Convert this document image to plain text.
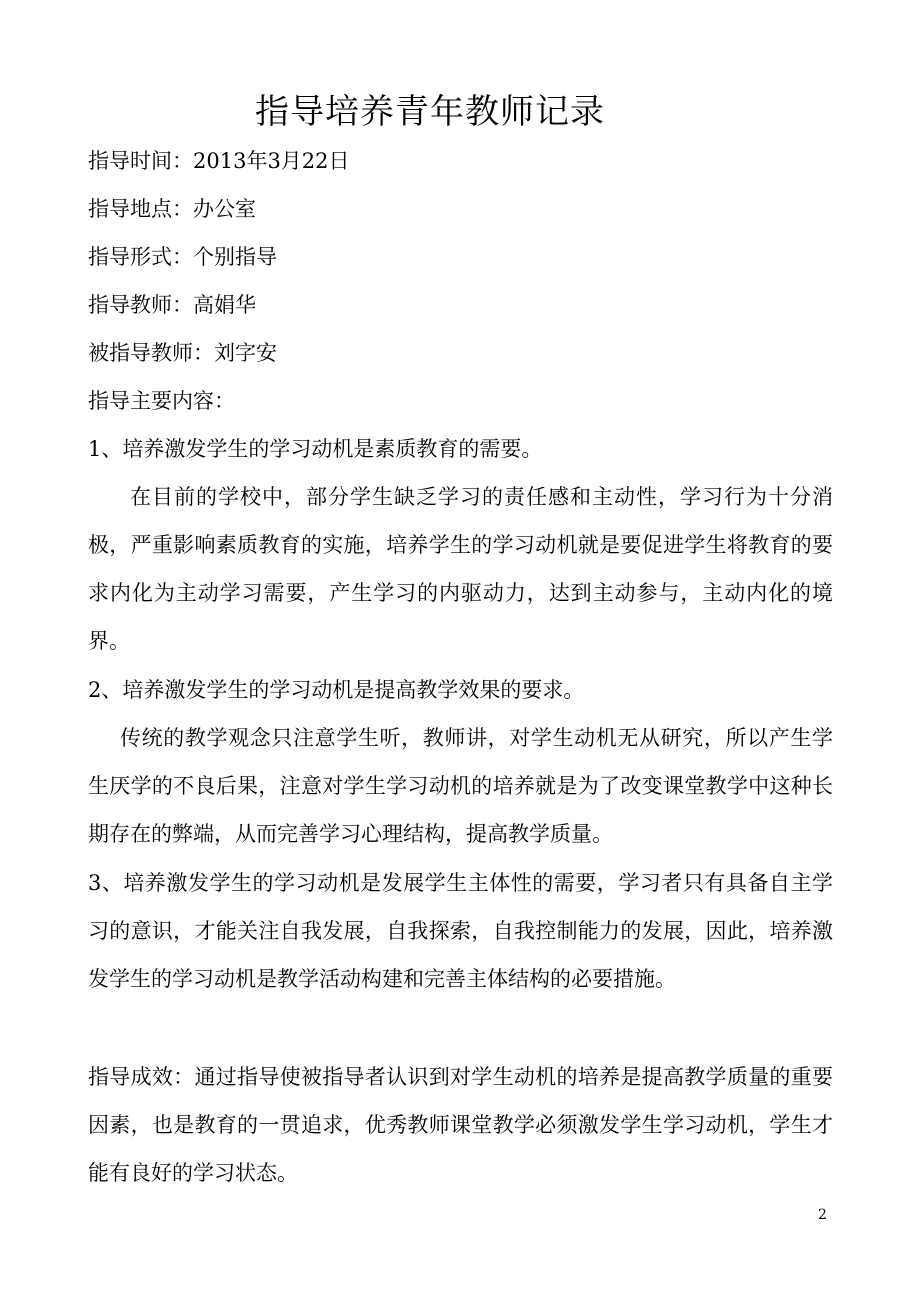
指导培养青年教师记录
指导时间：2013年3月22日
指导地点：办公室
指导形式：个别指导
指导教师：高娟华
被指导教师：刘字安
指导主要内容：
1、培养激发学生的学习动机是素质教育的需要。
在目前的学校中，部分学生缺乏学习的责任感和主动性，学习行为十分消极，严重影响素质教育的实施，培养学生的学习动机就是要促进学生将教育的要求内化为主动学习需要，产生学习的内驱动力，达到主动参与，主动内化的境界。
2、培养激发学生的学习动机是提高教学效果的要求。
传统的教学观念只注意学生听，教师讲，对学生动机无从研究，所以产生学生厌学的不良后果，注意对学生学习动机的培养就是为了改变课堂教学中这种长期存在的弊端，从而完善学习心理结构，提高教学质量。
3、培养激发学生的学习动机是发展学生主体性的需要，学习者只有具备自主学习的意识，才能关注自我发展，自我探索，自我控制能力的发展，因此，培养激发学生的学习动机是教学活动构建和完善主体结构的必要措施。
指导成效：通过指导使被指导者认识到对学生动机的培养是提高教学质量的重要因素，也是教育的一贯追求，优秀教师课堂教学必须激发学生学习动机，学生才能有良好的学习状态。
2
